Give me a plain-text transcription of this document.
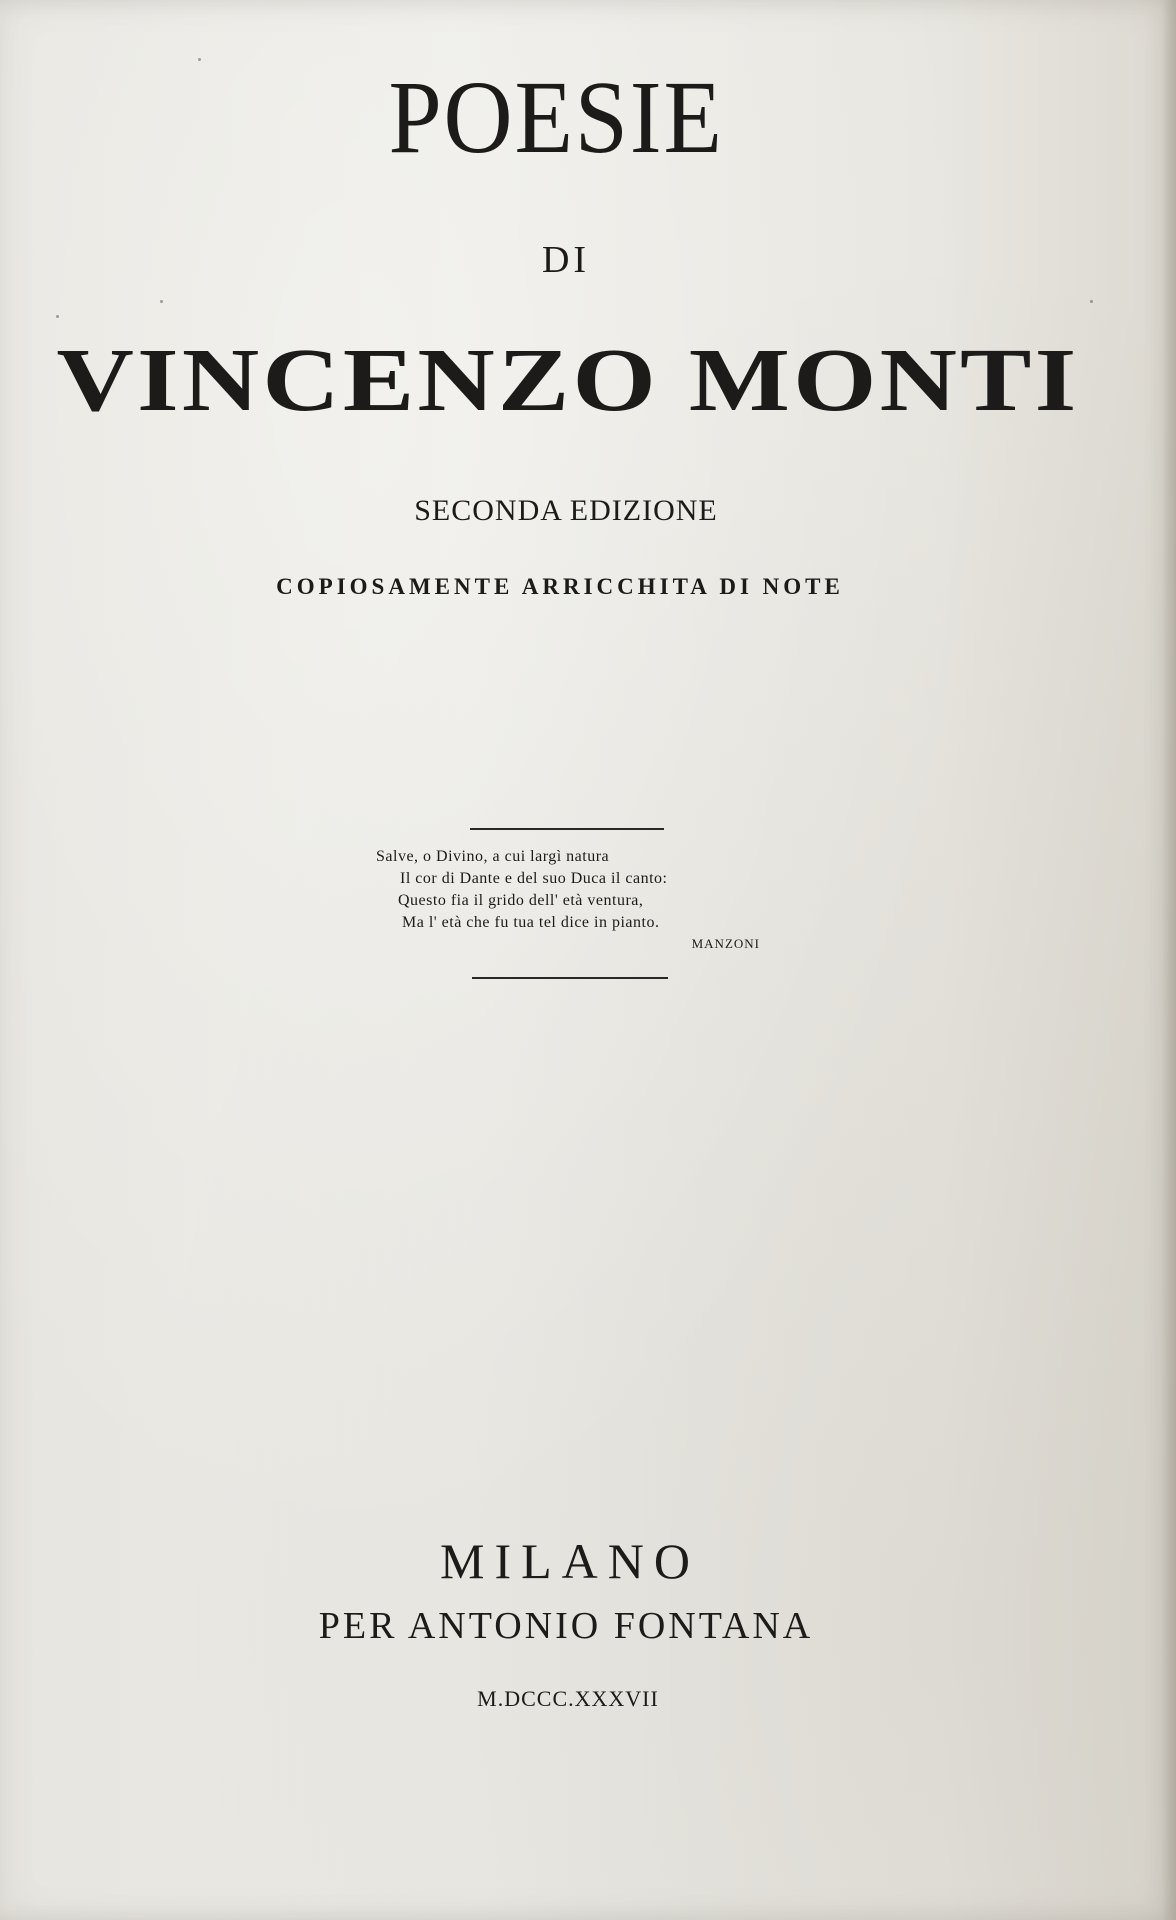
POESIE
DI
VINCENZO MONTI
SECONDA EDIZIONE
COPIOSAMENTE ARRICCHITA DI NOTE
Salve, o Divino, a cui largì natura
Il cor di Dante e del suo Duca il canto:
Questo fia il grido dell' età ventura,
Ma l' età che fu tua tel dice in pianto.
MANZONI
MILANO
PER ANTONIO FONTANA
M.DCCC.XXXVII
